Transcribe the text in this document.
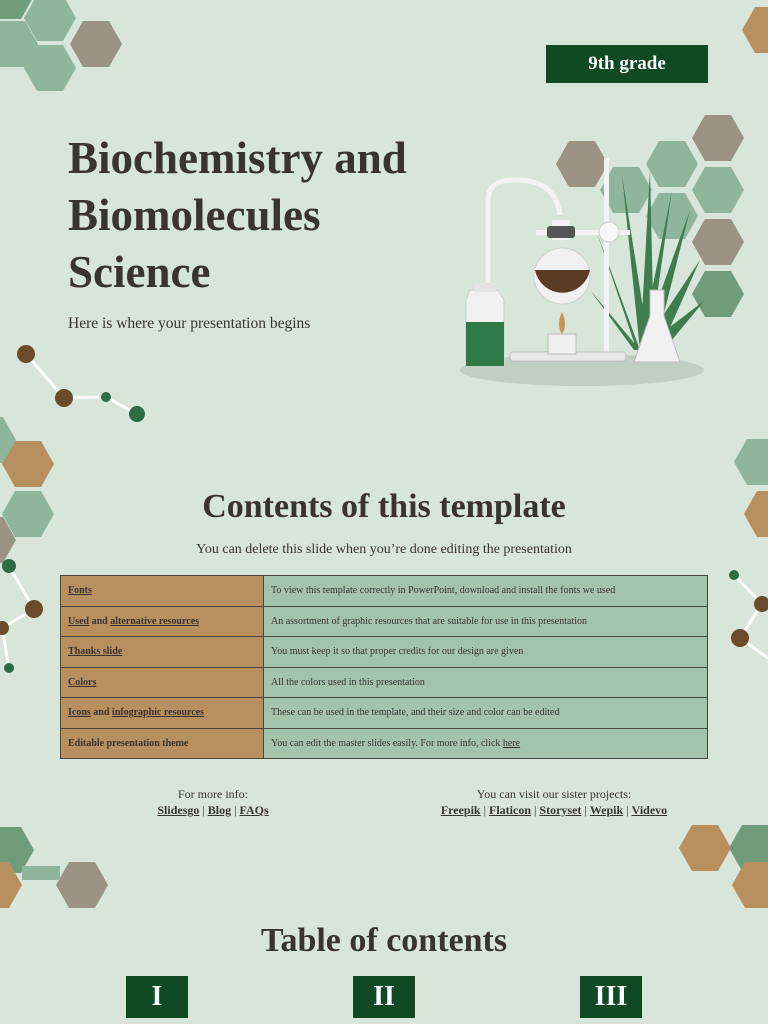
9th grade
Biochemistry and
Biomolecules
Science
Here is where your presentation begins
Contents of this template
You can delete this slide when you’re done editing the presentation
Fonts	To view this template correctly in PowerPoint, download and install the fonts we used
Used and alternative resources	An assortment of graphic resources that are suitable for use in this presentation
Thanks slide	You must keep it so that proper credits for our design are given
Colors	All the colors used in this presentation
Icons and infographic resources	These can be used in the template, and their size and color can be edited
Editable presentation theme	You can edit the master slides easily. For more info, click here
For more info:
Slidesgo | Blog | FAQs
You can visit our sister projects:
Freepik | Flaticon | Storyset | Wepik | Videvo
Table of contents
I	II	III
